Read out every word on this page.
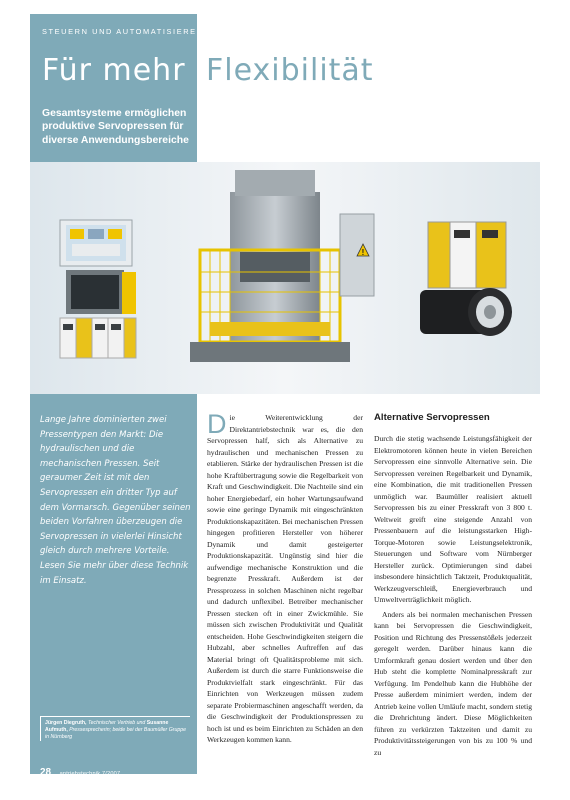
STEUERN UND AUTOMATISIEREN
Für mehr Flexibilität
Gesamtsysteme ermöglichen produktive Servopressen für diverse Anwendungsbereiche
!
Lange Jahre dominierten zwei Pressentypen den Markt: Die hydraulischen und die mechanischen Pressen. Seit geraumer Zeit ist mit den Servopressen ein dritter Typ auf dem Vormarsch. Gegenüber seinen beiden Vorfahren überzeugen die Servopressen in vielerlei Hinsicht gleich durch mehrere Vorteile. Lesen Sie mehr über diese Technik im Einsatz.
Jürgen Diegruth, Technischer Vertrieb und Susanne Aufmuth, Pressesprecherin; beide bei der Baumüller Gruppe in Nürnberg
28 antriebstechnik 7/2007

D ie Weiterentwicklung der Direktantriebstechnik war es, die den Servopressen half, sich als Alternative zu hydraulischen und mechanischen Pressen zu etablieren. Stärke der hydraulischen Pressen ist die hohe Kraftübertragung sowie die Regelbarkeit von Kraft und Geschwindigkeit. Die Nachteile sind ein hoher Energiebedarf, ein hoher Wartungsaufwand sowie eine geringe Dynamik mit eingeschränkten Produktionskapazitäten. Bei mechanischen Pressen hingegen profitieren Hersteller von höherer Dynamik und damit gesteigerter Produktionskapazität. Ungünstig sind hier die aufwendige mechanische Konstruktion und die begrenzte Presskraft. Außerdem ist der Pressprozess in solchen Maschinen nicht regelbar und dadurch unflexibel. Betreiber mechanischer Pressen stecken oft in einer Zwickmühle. Sie müssen sich zwischen Produktivität und Qualität entscheiden. Hohe Geschwindigkeiten steigern die Hubzahl, aber schnelles Auftreffen auf das Material bringt oft Qualitätsprobleme mit sich. Außerdem ist durch die starre Funktionsweise die Produktvielfalt stark eingeschränkt. Für das Einrichten von Werkzeugen müssen zudem separate Probiermaschinen angeschafft werden, da die Geschwindigkeit der Produktionspressen zu hoch ist und es beim Einrichten zu Schäden an den Werkzeugen kommen kann.

Alternative Servopressen

Durch die stetig wachsende Leistungsfähigkeit der Elektromotoren können heute in vielen Bereichen Servopressen eine sinnvolle Alternative sein. Die Servopressen vereinen Regelbarkeit und Dynamik, eine Kombination, die mit traditionellen Pressen unmöglich war. Baumüller realisiert aktuell Servopressen bis zu einer Presskraft von 3 800 t. Weltweit greift eine steigende Anzahl von Pressenbauern auf die leistungsstarken High-Torque-Motoren sowie Leistungselektronik, Steuerungen und Software vom Nürnberger Hersteller zurück. Optimierungen sind dabei insbesondere hinsichtlich Taktzeit, Produktqualität, Werkzeugverschleiß, Energieverbrauch und Umweltverträglichkeit möglich.

Anders als bei normalen mechanischen Pressen kann bei Servopressen die Geschwindigkeit, Position und Richtung des Pressenstößels jederzeit geregelt werden. Darüber hinaus kann die Umformkraft genau dosiert werden und über den Hub steht die komplette Nominalpresskraft zur Verfügung. Im Pendelhub kann die Hubhöhe der Presse außerdem minimiert werden, indem der Antrieb keine vollen Umläufe macht, sondern stetig die Drehrichtung ändert. Diese Möglichkeiten führen zu verkürzten Taktzeiten und damit zu Produktivitätssteigerungen von bis zu 100 % und zu
